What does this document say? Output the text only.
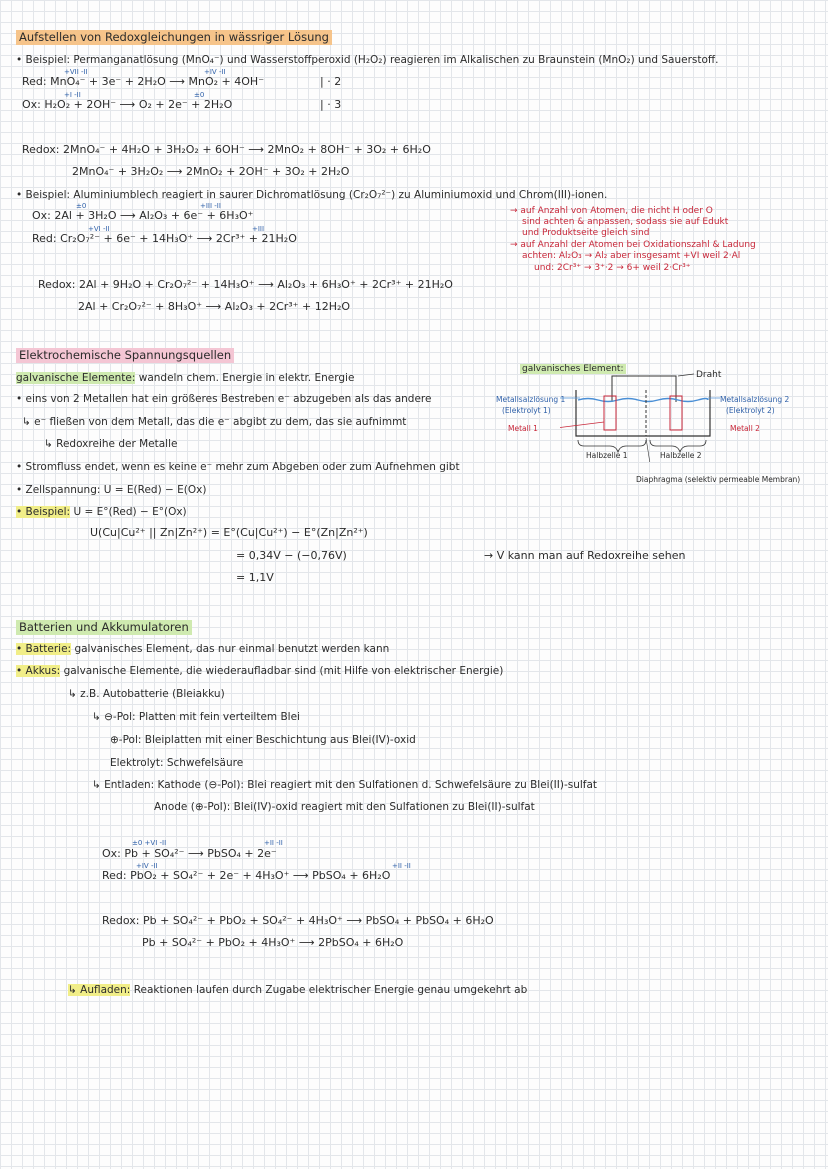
Aufstellen von Redoxgleichungen in wässriger Lösung
• Beispiel: Permanganatlösung (MnO₄⁻) und Wasserstoffperoxid (H₂O₂) reagieren im Alkalischen zu Braunstein (MnO₂) und Sauerstoff.
+VII -II	+IV -II
Red: MnO₄⁻ + 3e⁻ + 2H₂O ⟶ MnO₂ + 4OH⁻	| · 2
+I -II	±0
Ox: H₂O₂ + 2OH⁻ ⟶ O₂ + 2e⁻ + 2H₂O	| · 3
Redox: 2MnO₄⁻ + 4H₂O + 3H₂O₂ + 6OH⁻ ⟶ 2MnO₂ + 8OH⁻ + 3O₂ + 6H₂O
2MnO₄⁻ + 3H₂O₂ ⟶ 2MnO₂ + 2OH⁻ + 3O₂ + 2H₂O
• Beispiel: Aluminiumblech reagiert in saurer Dichromatlösung (Cr₂O₇²⁻) zu Aluminiumoxid und Chrom(III)-ionen.
±0	+III -II
Ox: 2Al + 3H₂O ⟶ Al₂O₃ + 6e⁻ + 6H₃O⁺
+VI -II	+III
Red: Cr₂O₇²⁻ + 6e⁻ + 14H₃O⁺ ⟶ 2Cr³⁺ + 21H₂O
→ auf Anzahl von Atomen, die nicht H oder O
sind achten & anpassen, sodass sie auf Edukt
und Produktseite gleich sind
→ auf Anzahl der Atomen bei Oxidationszahl & Ladung
achten: Al₂O₃ → Al₂ aber insgesamt +VI weil 2·Al
und: 2Cr³⁺ → 3⁺·2 → 6+ weil 2·Cr³⁺
Redox: 2Al + 9H₂O + Cr₂O₇²⁻ + 14H₃O⁺ ⟶ Al₂O₃ + 6H₃O⁺ + 2Cr³⁺ + 21H₂O
2Al + Cr₂O₇²⁻ + 8H₃O⁺ ⟶ Al₂O₃ + 2Cr³⁺ + 12H₂O
Elektrochemische Spannungsquellen
galvanische Elemente: wandeln chem. Energie in elektr. Energie
• eins von 2 Metallen hat ein größeres Bestreben e⁻ abzugeben als das andere
↳ e⁻ fließen von dem Metall, das die e⁻ abgibt zu dem, das sie aufnimmt
↳ Redoxreihe der Metalle
• Stromfluss endet, wenn es keine e⁻ mehr zum Abgeben oder zum Aufnehmen gibt
• Zellspannung: U = E(Red) − E(Ox)
• Beispiel: U = E°(Red) − E°(Ox)
U(Cu|Cu²⁺ || Zn|Zn²⁺) = E°(Cu|Cu²⁺) − E°(Zn|Zn²⁺)
= 0,34V − (−0,76V)
= 1,1V
→ V kann man auf Redoxreihe sehen
galvanisches Element:
Draht
Metallsalzlösung 1
(Elektrolyt 1)
Metall 1
Metallsalzlösung 2
(Elektrolyt 2)
Metall 2
Halbzelle 1	Halbzelle 2
Diaphragma (selektiv permeable Membran)
Batterien und Akkumulatoren
• Batterie: galvanisches Element, das nur einmal benutzt werden kann
• Akkus: galvanische Elemente, die wiederaufladbar sind (mit Hilfe von elektrischer Energie)
↳ z.B. Autobatterie (Bleiakku)
↳ ⊖-Pol: Platten mit fein verteiltem Blei
⊕-Pol: Bleiplatten mit einer Beschichtung aus Blei(IV)-oxid
Elektrolyt: Schwefelsäure
↳ Entladen: Kathode (⊖-Pol): Blei reagiert mit den Sulfationen d. Schwefelsäure zu Blei(II)-sulfat
Anode (⊕-Pol): Blei(IV)-oxid reagiert mit den Sulfationen zu Blei(II)-sulfat
±0 +VI -II	+II -II
Ox: Pb + SO₄²⁻ ⟶ PbSO₄ + 2e⁻
+IV -II	+II -II
Red: PbO₂ + SO₄²⁻ + 2e⁻ + 4H₃O⁺ ⟶ PbSO₄ + 6H₂O
Redox: Pb + SO₄²⁻ + PbO₂ + SO₄²⁻ + 4H₃O⁺ ⟶ PbSO₄ + PbSO₄ + 6H₂O
Pb + SO₄²⁻ + PbO₂ + 4H₃O⁺ ⟶ 2PbSO₄ + 6H₂O
↳ Aufladen: Reaktionen laufen durch Zugabe elektrischer Energie genau umgekehrt ab
